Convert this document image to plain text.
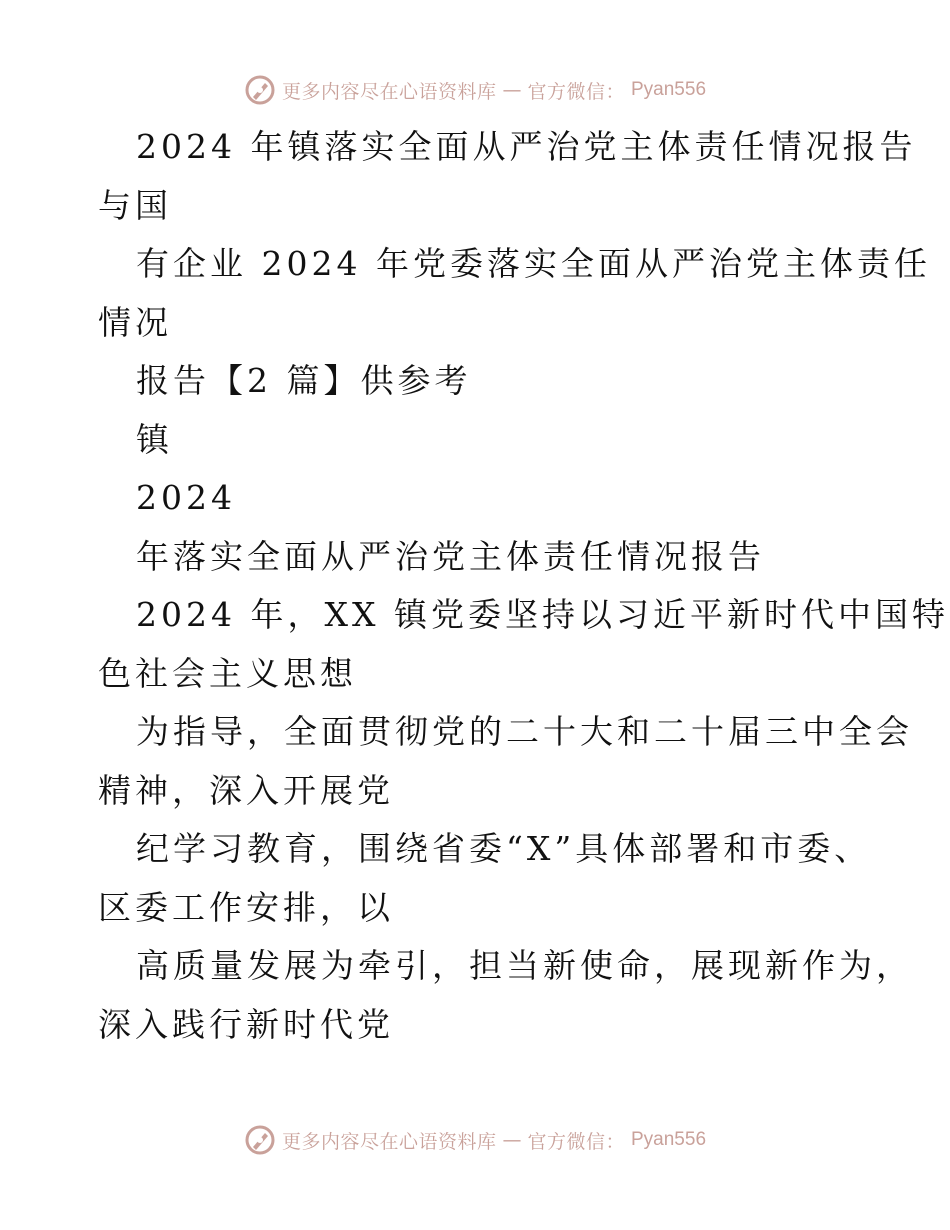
更多内容尽在心语资料库 — 官方微信： Pyan556
2024 年镇落实全面从严治党主体责任情况报告
与国
有企业 2024 年党委落实全面从严治党主体责任
情况
报告【2 篇】供参考
镇
2024
年落实全面从严治党主体责任情况报告
2024 年，XX 镇党委坚持以习近平新时代中国特
色社会主义思想
为指导，全面贯彻党的二十大和二十届三中全会
精神，深入开展党
纪学习教育，围绕省委“X”具体部署和市委、
区委工作安排，以
高质量发展为牵引，担当新使命，展现新作为，
深入践行新时代党
更多内容尽在心语资料库 — 官方微信： Pyan556
